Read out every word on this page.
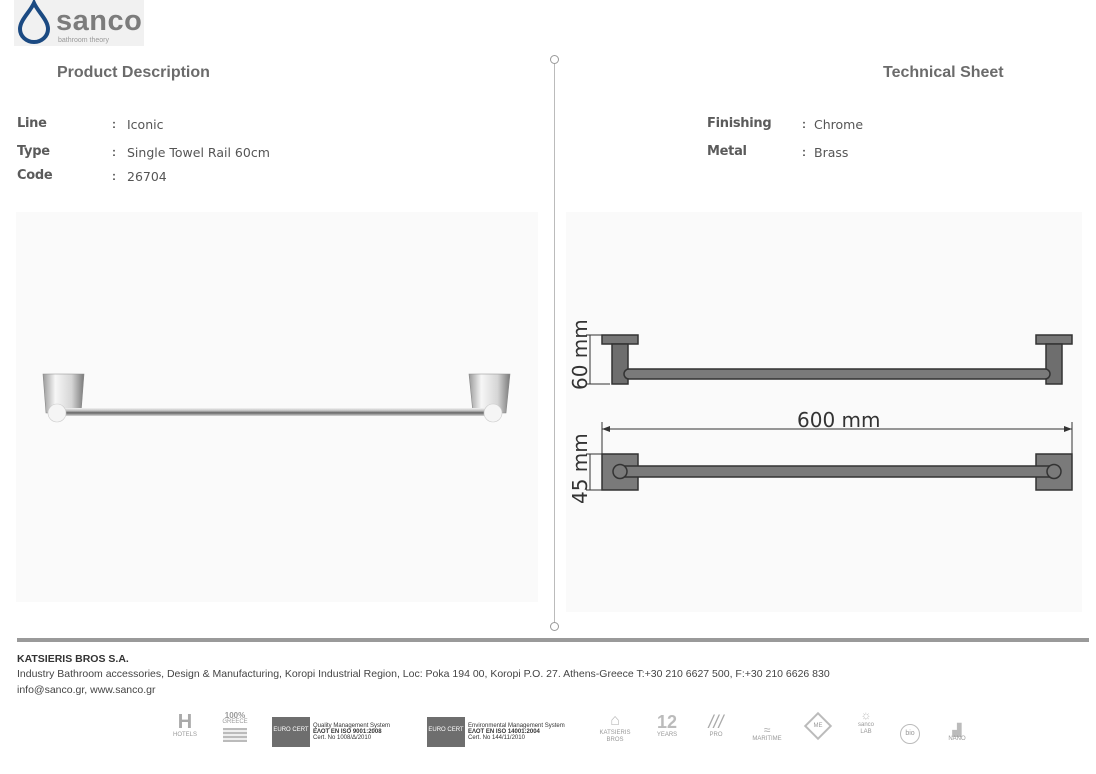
sanco
bathroom theory
Product Description	Technical Sheet
Line	: Iconic
Type	: Single Towel Rail 60cm
Code	: 26704
Finishing	: Chrome
Metal	: Brass
600 mm
60 mm
45 mm
KATSIERIS BROS S.A.
Industry Bathroom accessories, Design & Manufacturing, Koropi Industrial Region, Loc: Poka 194 00, Koropi P.O. 27. Athens-Greece T:+30 210 6627 500, F:+30 210 6626 830
info@sanco.gr, www.sanco.gr
H
HOTELS
100%
GREECE
EURO CERT
Quality Management System
ΕΛΟΤ EN ISO 9001:2008
Cert. No 1008/Δ/2010
EURO CERT
Environmental Management System
ΕΛΟΤ EN ISO 14001:2004
Cert. No 144/11/2010
⌂
KATSIERIS BROS
12
YEARS
///
PRO	≈
MARITIME
ME
☼
sanco LAB	bio	▟
NANO
